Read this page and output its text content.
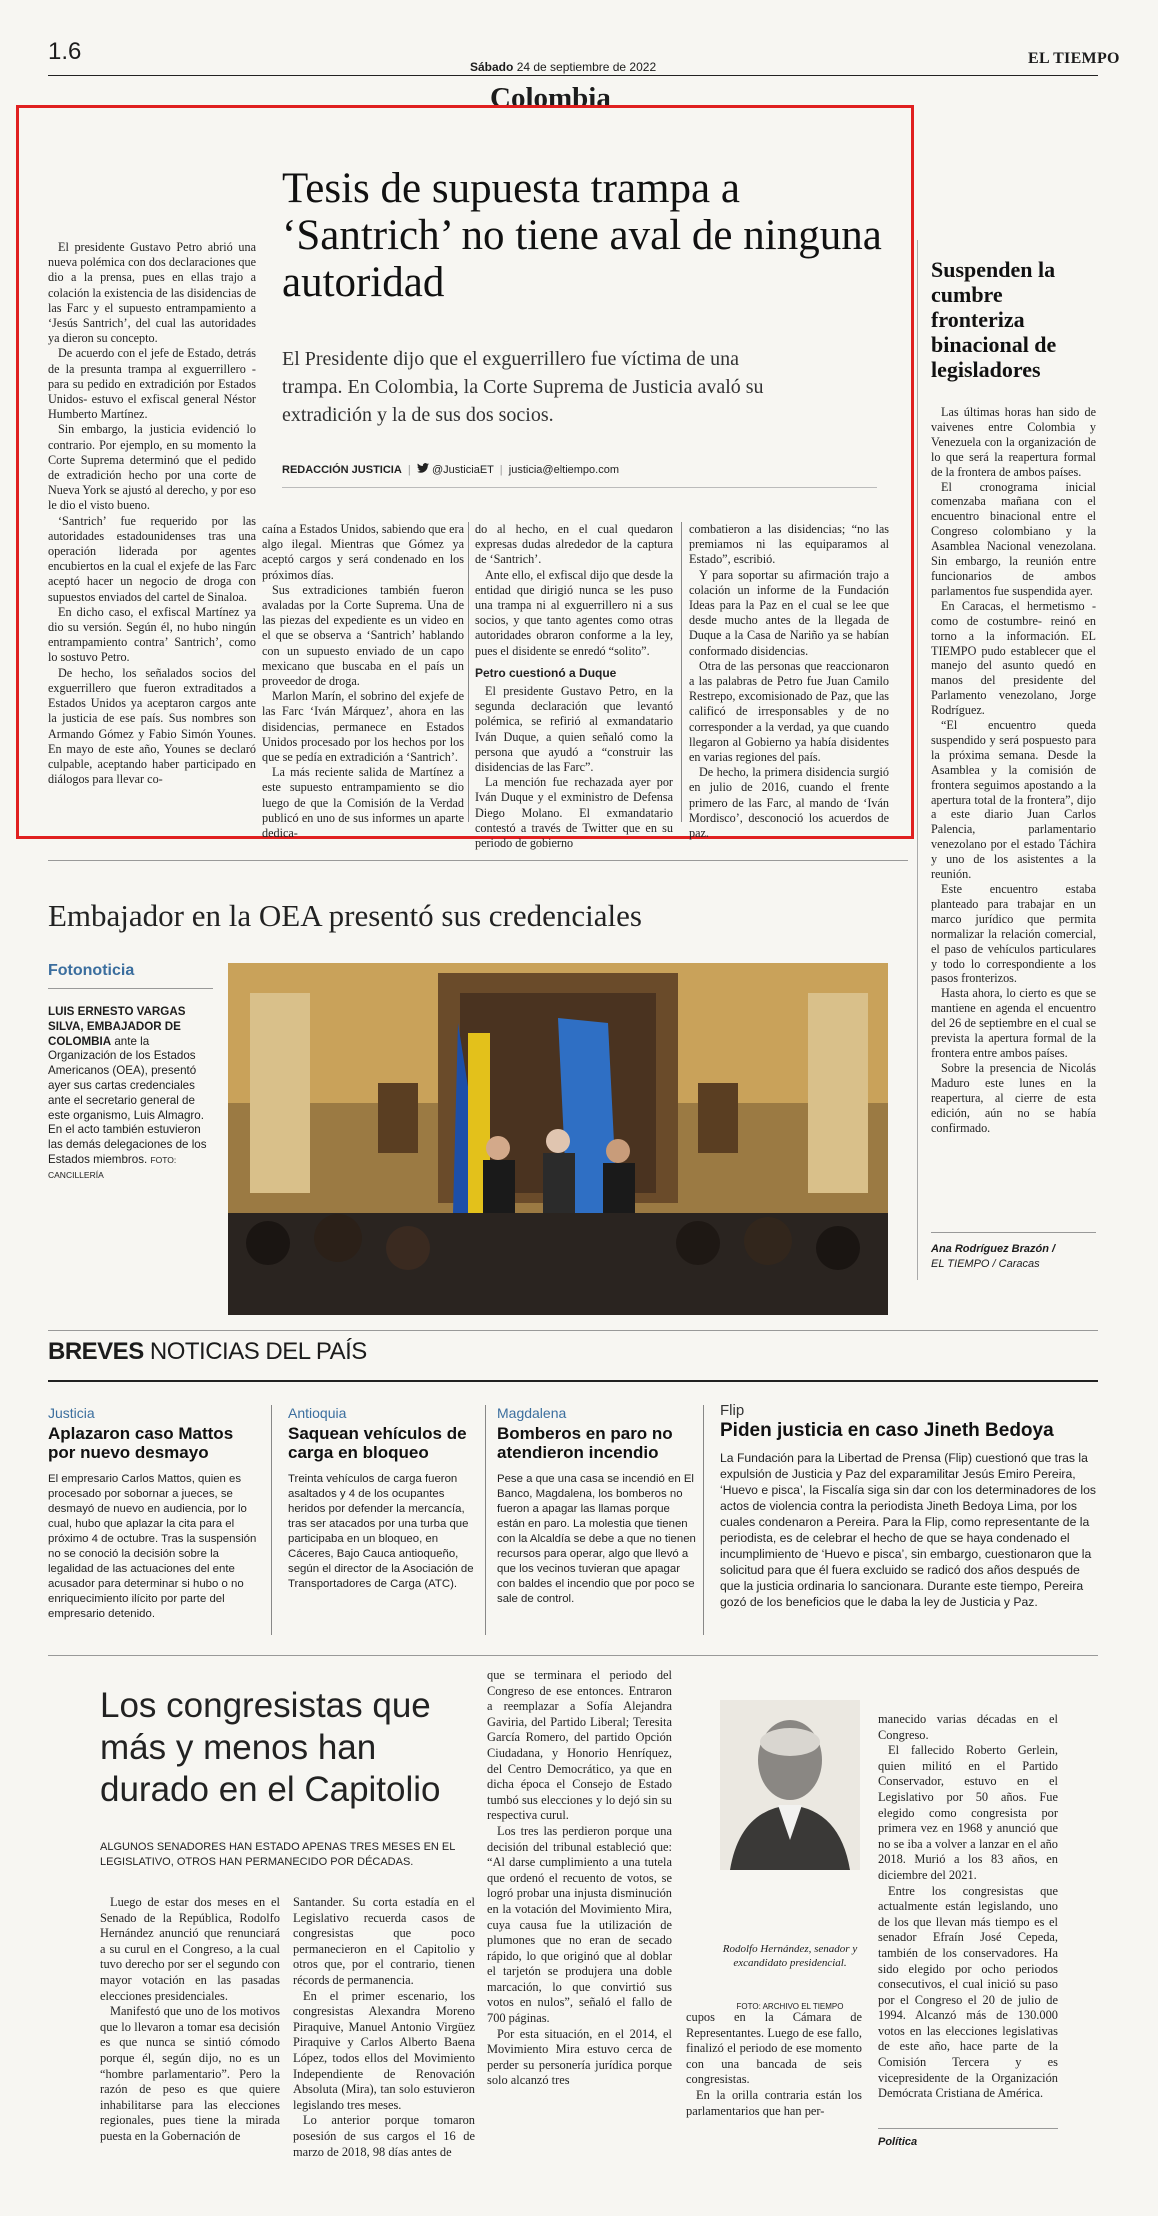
1.6
Sábado 24 de septiembre de 2022	EL TIEMPO
Colombia
Tesis de supuesta trampa a ‘Santrich’ no tiene aval de ninguna autoridad
El Presidente dijo que el exguerrillero fue víctima de una trampa. En Colombia, la Corte Suprema de Justicia avaló su extradición y la de sus dos socios.
REDACCIÓN JUSTICIA  |   @JusticiaET  |  justicia@eltiempo.com

El presidente Gustavo Petro abrió una nueva polémica con dos declaraciones que dio a la prensa, pues en ellas trajo a colación la existencia de las disidencias de las Farc y el supuesto entrampamiento a ‘Jesús Santrich’, del cual las autoridades ya dieron su concepto.

De acuerdo con el jefe de Estado, detrás de la presunta trampa al exguerrillero -para su pedido en extradición por Estados Unidos- estuvo el exfiscal general Néstor Humberto Martínez.

Sin embargo, la justicia evidenció lo contrario. Por ejemplo, en su momento la Corte Suprema determinó que el pedido de extradición hecho por una corte de Nueva York se ajustó al derecho, y por eso le dio el visto bueno.

‘Santrich’ fue requerido por las autoridades estadounidenses tras una operación liderada por agentes encubiertos en la cual el exjefe de las Farc aceptó hacer un negocio de droga con supuestos enviados del cartel de Sinaloa.

En dicho caso, el exfiscal Martínez ya dio su versión. Según él, no hubo ningún entrampamiento contra’ Santrich’, como lo sostuvo Petro.

De hecho, los señalados socios del exguerrillero que fueron extraditados a Estados Unidos ya aceptaron cargos ante la justicia de ese país. Sus nombres son Armando Gómez y Fabio Simón Younes. En mayo de este año, Younes se declaró culpable, aceptando haber participado en diálogos para llevar co-

caína a Estados Unidos, sabiendo que era algo ilegal. Mientras que Gómez ya aceptó cargos y será condenado en los próximos días.

Sus extradiciones también fueron avaladas por la Corte Suprema. Una de las piezas del expediente es un video en el que se observa a ‘Santrich’ hablando con un supuesto enviado de un capo mexicano que buscaba en el país un proveedor de droga.

Marlon Marín, el sobrino del exjefe de las Farc ‘Iván Márquez’, ahora en las disidencias, permanece en Estados Unidos procesado por los hechos por los que se pedía en extradición a ‘Santrich’.

La más reciente salida de Martínez a este supuesto entrampamiento se dio luego de que la Comisión de la Verdad publicó en uno de sus informes un aparte dedica-

do al hecho, en el cual quedaron expresas dudas alrededor de la captura de ‘Santrich’.

Ante ello, el exfiscal dijo que desde la entidad que dirigió nunca se les puso una trampa ni al exguerrillero ni a sus socios, y que tanto agentes como otras autoridades obraron conforme a la ley, pues el disidente se enredó “solito”.

Petro cuestionó a Duque

El presidente Gustavo Petro, en la segunda declaración que levantó polémica, se refirió al exmandatario Iván Duque, a quien señaló como la persona que ayudó a “construir las disidencias de las Farc”.

La mención fue rechazada ayer por Iván Duque y el exministro de Defensa Diego Molano. El exmandatario contestó a través de Twitter que en su periodo de gobierno

combatieron a las disidencias; “no las premiamos ni las equiparamos al Estado”, escribió.

Y para soportar su afirmación trajo a colación un informe de la Fundación Ideas para la Paz en el cual se lee que desde mucho antes de la llegada de Duque a la Casa de Nariño ya se habían conformado disidencias.

Otra de las personas que reaccionaron a las palabras de Petro fue Juan Camilo Restrepo, excomisionado de Paz, que las calificó de irresponsables y de no corresponder a la verdad, ya que cuando llegaron al Gobierno ya había disidentes en varias regiones del país.

De hecho, la primera disidencia surgió en julio de 2016, cuando el frente primero de las Farc, al mando de ‘Iván Mordisco’, desconoció los acuerdos de paz.

Suspenden la cumbre fronteriza binacional de legisladores

Las últimas horas han sido de vaivenes entre Colombia y Venezuela con la organización de lo que será la reapertura formal de la frontera de ambos países.

El cronograma inicial comenzaba mañana con el encuentro binacional entre el Congreso colombiano y la Asamblea Nacional venezolana. Sin embargo, la reunión entre funcionarios de ambos parlamentos fue suspendida ayer.

En Caracas, el hermetismo -como de costumbre- reinó en torno a la información. EL TIEMPO pudo establecer que el manejo del asunto quedó en manos del presidente del Parlamento venezolano, Jorge Rodríguez.

“El encuentro queda suspendido y será pospuesto para la próxima semana. Desde la Asamblea y la comisión de frontera seguimos apostando a la apertura total de la frontera”, dijo a este diario Juan Carlos Palencia, parlamentario venezolano por el estado Táchira y uno de los asistentes a la reunión.

Este encuentro estaba planteado para trabajar en un marco jurídico que permita normalizar la relación comercial, el paso de vehículos particulares y todo lo correspondiente a los pasos fronterizos.

Hasta ahora, lo cierto es que se mantiene en agenda el encuentro del 26 de septiembre en el cual se prevista la apertura formal de la frontera entre ambos países.

Sobre la presencia de Nicolás Maduro este lunes en la reapertura, al cierre de esta edición, aún no se había confirmado.

Ana Rodríguez Brazón /
EL TIEMPO / Caracas
Embajador en la OEA presentó sus credenciales
Fotonoticia
LUIS ERNESTO VARGAS SILVA, EMBAJADOR DE COLOMBIA ante la Organización de los Estados Americanos (OEA), presentó ayer sus cartas credenciales ante el secretario general de este organismo, Luis Almagro. En el acto también estuvieron las demás delegaciones de los Estados miembros. FOTO: CANCILLERÍA
BREVES NOTICIAS DEL PAÍS
Justicia
Aplazaron caso Mattos por nuevo desmayo
El empresario Carlos Mattos, quien es procesado por sobornar a jueces, se desmayó de nuevo en audiencia, por lo cual, hubo que aplazar la cita para el próximo 4 de octubre. Tras la suspensión no se conoció la decisión sobre la legalidad de las actuaciones del ente acusador para determinar si hubo o no enriquecimiento ilícito por parte del empresario detenido.
Antioquia
Saquean vehículos de carga en bloqueo
Treinta vehículos de carga fueron asaltados y 4 de los ocupantes heridos por defender la mercancía, tras ser atacados por una turba que participaba en un bloqueo, en Cáceres, Bajo Cauca antioqueño, según el director de la Asociación de Transportadores de Carga (ATC).
Magdalena
Bomberos en paro no atendieron incendio
Pese a que una casa se incendió en El Banco, Magdalena, los bomberos no fueron a apagar las llamas porque están en paro. La molestia que tienen con la Alcaldía se debe a que no tienen recursos para operar, algo que llevó a que los vecinos tuvieran que apagar con baldes el incendio que por poco se sale de control.
Flip
Piden justicia en caso Jineth Bedoya
La Fundación para la Libertad de Prensa (Flip) cuestionó que tras la expulsión de Justicia y Paz del exparamilitar Jesús Emiro Pereira, ‘Huevo e pisca’, la Fiscalía siga sin dar con los determinadores de los actos de violencia contra la periodista Jineth Bedoya Lima, por los cuales condenaron a Pereira. Para la Flip, como representante de la periodista, es de celebrar el hecho de que se haya condenado el incumplimiento de ‘Huevo e pisca’, sin embargo, cuestionaron que la solicitud para que él fuera excluido se radicó dos años después de que la justicia ordinaria lo sancionara. Durante este tiempo, Pereira gozó de los beneficios que le daba la ley de Justicia y Paz.
Los congresistas que más y menos han durado en el Capitolio
ALGUNOS SENADORES HAN ESTADO APENAS TRES MESES EN EL LEGISLATIVO, OTROS HAN PERMANECIDO POR DÉCADAS.

Luego de estar dos meses en el Senado de la República, Rodolfo Hernández anunció que renunciará a su curul en el Congreso, a la cual tuvo derecho por ser el segundo con mayor votación en las pasadas elecciones presidenciales.

Manifestó que uno de los motivos que lo llevaron a tomar esa decisión es que nunca se sintió cómodo porque él, según dijo, no es un “hombre parlamentario”. Pero la razón de peso es que quiere inhabilitarse para las elecciones regionales, pues tiene la mirada puesta en la Gobernación de

Santander. Su corta estadía en el Legislativo recuerda casos de congresistas que poco permanecieron en el Capitolio y otros que, por el contrario, tienen récords de permanencia.

En el primer escenario, los congresistas Alexandra Moreno Piraquive, Manuel Antonio Virgüez Piraquive y Carlos Alberto Baena López, todos ellos del Movimiento Independiente de Renovación Absoluta (Mira), tan solo estuvieron legislando tres meses.

Lo anterior porque tomaron posesión de sus cargos el 16 de marzo de 2018, 98 días antes de

que se terminara el periodo del Congreso de ese entonces. Entraron a reemplazar a Sofía Alejandra Gaviria, del Partido Liberal; Teresita García Romero, del partido Opción Ciudadana, y Honorio Henríquez, del Centro Democrático, ya que en dicha época el Consejo de Estado tumbó sus elecciones y lo dejó sin su respectiva curul.

Los tres las perdieron porque una decisión del tribunal estableció que: “Al darse cumplimiento a una tutela que ordenó el recuento de votos, se logró probar una injusta disminución en la votación del Movimiento Mira, cuya causa fue la utilización de plumones que no eran de secado rápido, lo que originó que al doblar el tarjetón se produjera una doble marcación, lo que convirtió sus votos en nulos”, señaló el fallo de 700 páginas.

Por esta situación, en el 2014, el Movimiento Mira estuvo cerca de perder su personería jurídica porque solo alcanzó tres

Rodolfo Hernández, senador y excandidato presidencial.
FOTO: ARCHIVO EL TIEMPO

cupos en la Cámara de Representantes. Luego de ese fallo, finalizó el periodo de ese momento con una bancada de seis congresistas.

En la orilla contraria están los parlamentarios que han per-

manecido varias décadas en el Congreso.

El fallecido Roberto Gerlein, quien militó en el Partido Conservador, estuvo en el Legislativo por 50 años. Fue elegido como congresista por primera vez en 1968 y anunció que no se iba a volver a lanzar en el año 2018. Murió a los 83 años, en diciembre del 2021.

Entre los congresistas que actualmente están legislando, uno de los que llevan más tiempo es el senador Efraín José Cepeda, también de los conservadores. Ha sido elegido por ocho periodos consecutivos, el cual inició su paso por el Congreso el 20 de julio de 1994. Alcanzó más de 130.000 votos en las elecciones legislativas de este año, hace parte de la Comisión Tercera y es vicepresidente de la Organización Demócrata Cristiana de América.

Política
